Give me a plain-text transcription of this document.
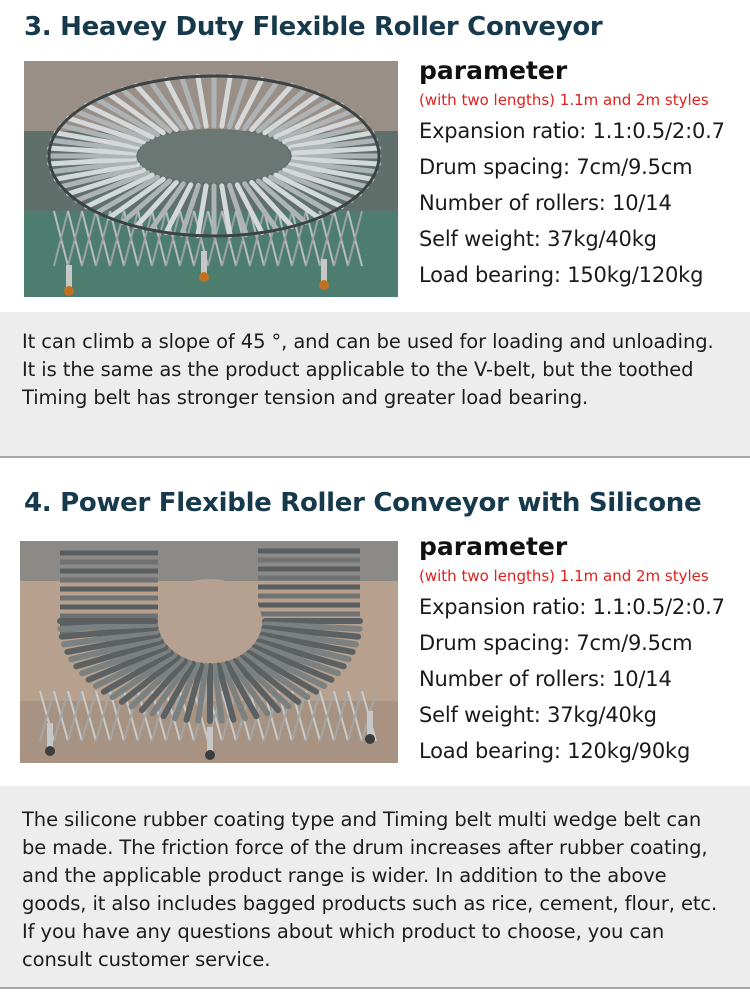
3. Heavey Duty Flexible Roller Conveyor
parameter
(with two lengths) 1.1m and 2m styles
Expansion ratio: 1.1:0.5/2:0.7
Drum spacing: 7cm/9.5cm
Number of rollers: 10/14
Self weight: 37kg/40kg
Load bearing: 150kg/120kg

It can climb a slope of 45 °, and can be used for loading and unloading. It is the same as the product applicable to the V-belt, but the toothed Timing belt has stronger tension and greater load bearing.

4. Power Flexible Roller Conveyor with Silicone
parameter
(with two lengths) 1.1m and 2m styles
Expansion ratio: 1.1:0.5/2:0.7
Drum spacing: 7cm/9.5cm
Number of rollers: 10/14
Self weight: 37kg/40kg
Load bearing: 120kg/90kg

The silicone rubber coating type and Timing belt multi wedge belt can be made. The friction force of the drum increases after rubber coating, and the applicable product range is wider. In addition to the above goods, it also includes bagged products such as rice, cement, flour, etc. If you have any questions about which product to choose, you can consult customer service.
